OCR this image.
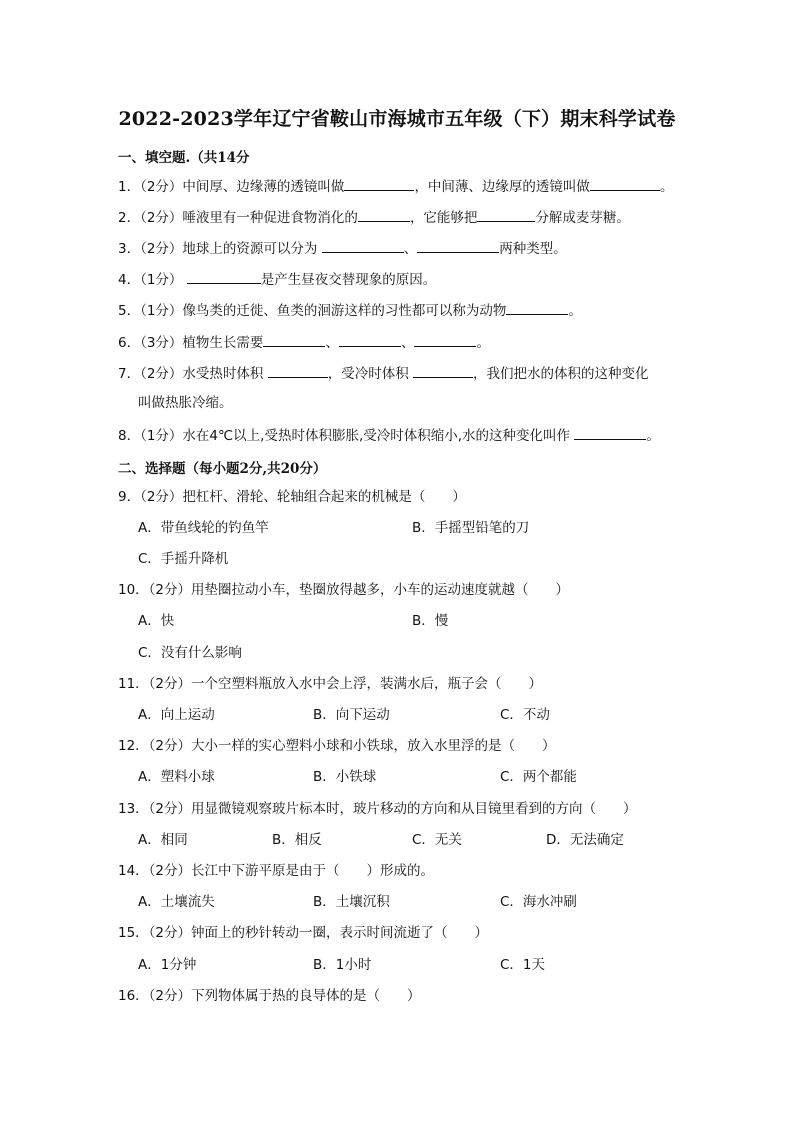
2022-2023学年辽宁省鞍山市海城市五年级（下）期末科学试卷
一、填空题.（共14分
1．（2分）中间厚、边缘薄的透镜叫做	，中间薄、边缘厚的透镜叫做	。
2．（2分）唾液里有一种促进食物消化的	，它能够把	分解成麦芽糖。
3．（2分）地球上的资源可以分为	、	两种类型。
4．（1分）	是产生昼夜交替现象的原因。
5．（1分）像鸟类的迁徙、鱼类的洄游这样的习性都可以称为动物	。
6．（3分）植物生长需要	、	、	。
7．（2分）水受热时体积	，受冷时体积	，我们把水的体积的这种变化
叫做热胀冷缩。
8．（1分）水在4℃以上,受热时体积膨胀,受冷时体积缩小,水的这种变化叫作	。
二、选择题（每小题2分,共20分）
9．（2分）把杠杆、滑轮、轮轴组合起来的机械是（　　）
A．带鱼线轮的钓鱼竿	B．手摇型铅笔的刀
C．手摇升降机
10．（2分）用垫圈拉动小车，垫圈放得越多，小车的运动速度就越（　　）
A．快	B．慢
C．没有什么影响
11．（2分）一个空塑料瓶放入水中会上浮，装满水后，瓶子会（　　）
A．向上运动	B．向下运动	C．不动
12．（2分）大小一样的实心塑料小球和小铁球，放入水里浮的是（　　）
A．塑料小球	B．小铁球	C．两个都能
13．（2分）用显微镜观察玻片标本时，玻片移动的方向和从目镜里看到的方向（　　）
A．相同	B．相反	C．无关	D．无法确定
14．（2分）长江中下游平原是由于（　　）形成的。
A．土壤流失	B．土壤沉积	C．海水冲刷
15．（2分）钟面上的秒针转动一圈，表示时间流逝了（　　）
A．1分钟	B．1小时	C．1天
16．（2分）下列物体属于热的良导体的是（　　）
